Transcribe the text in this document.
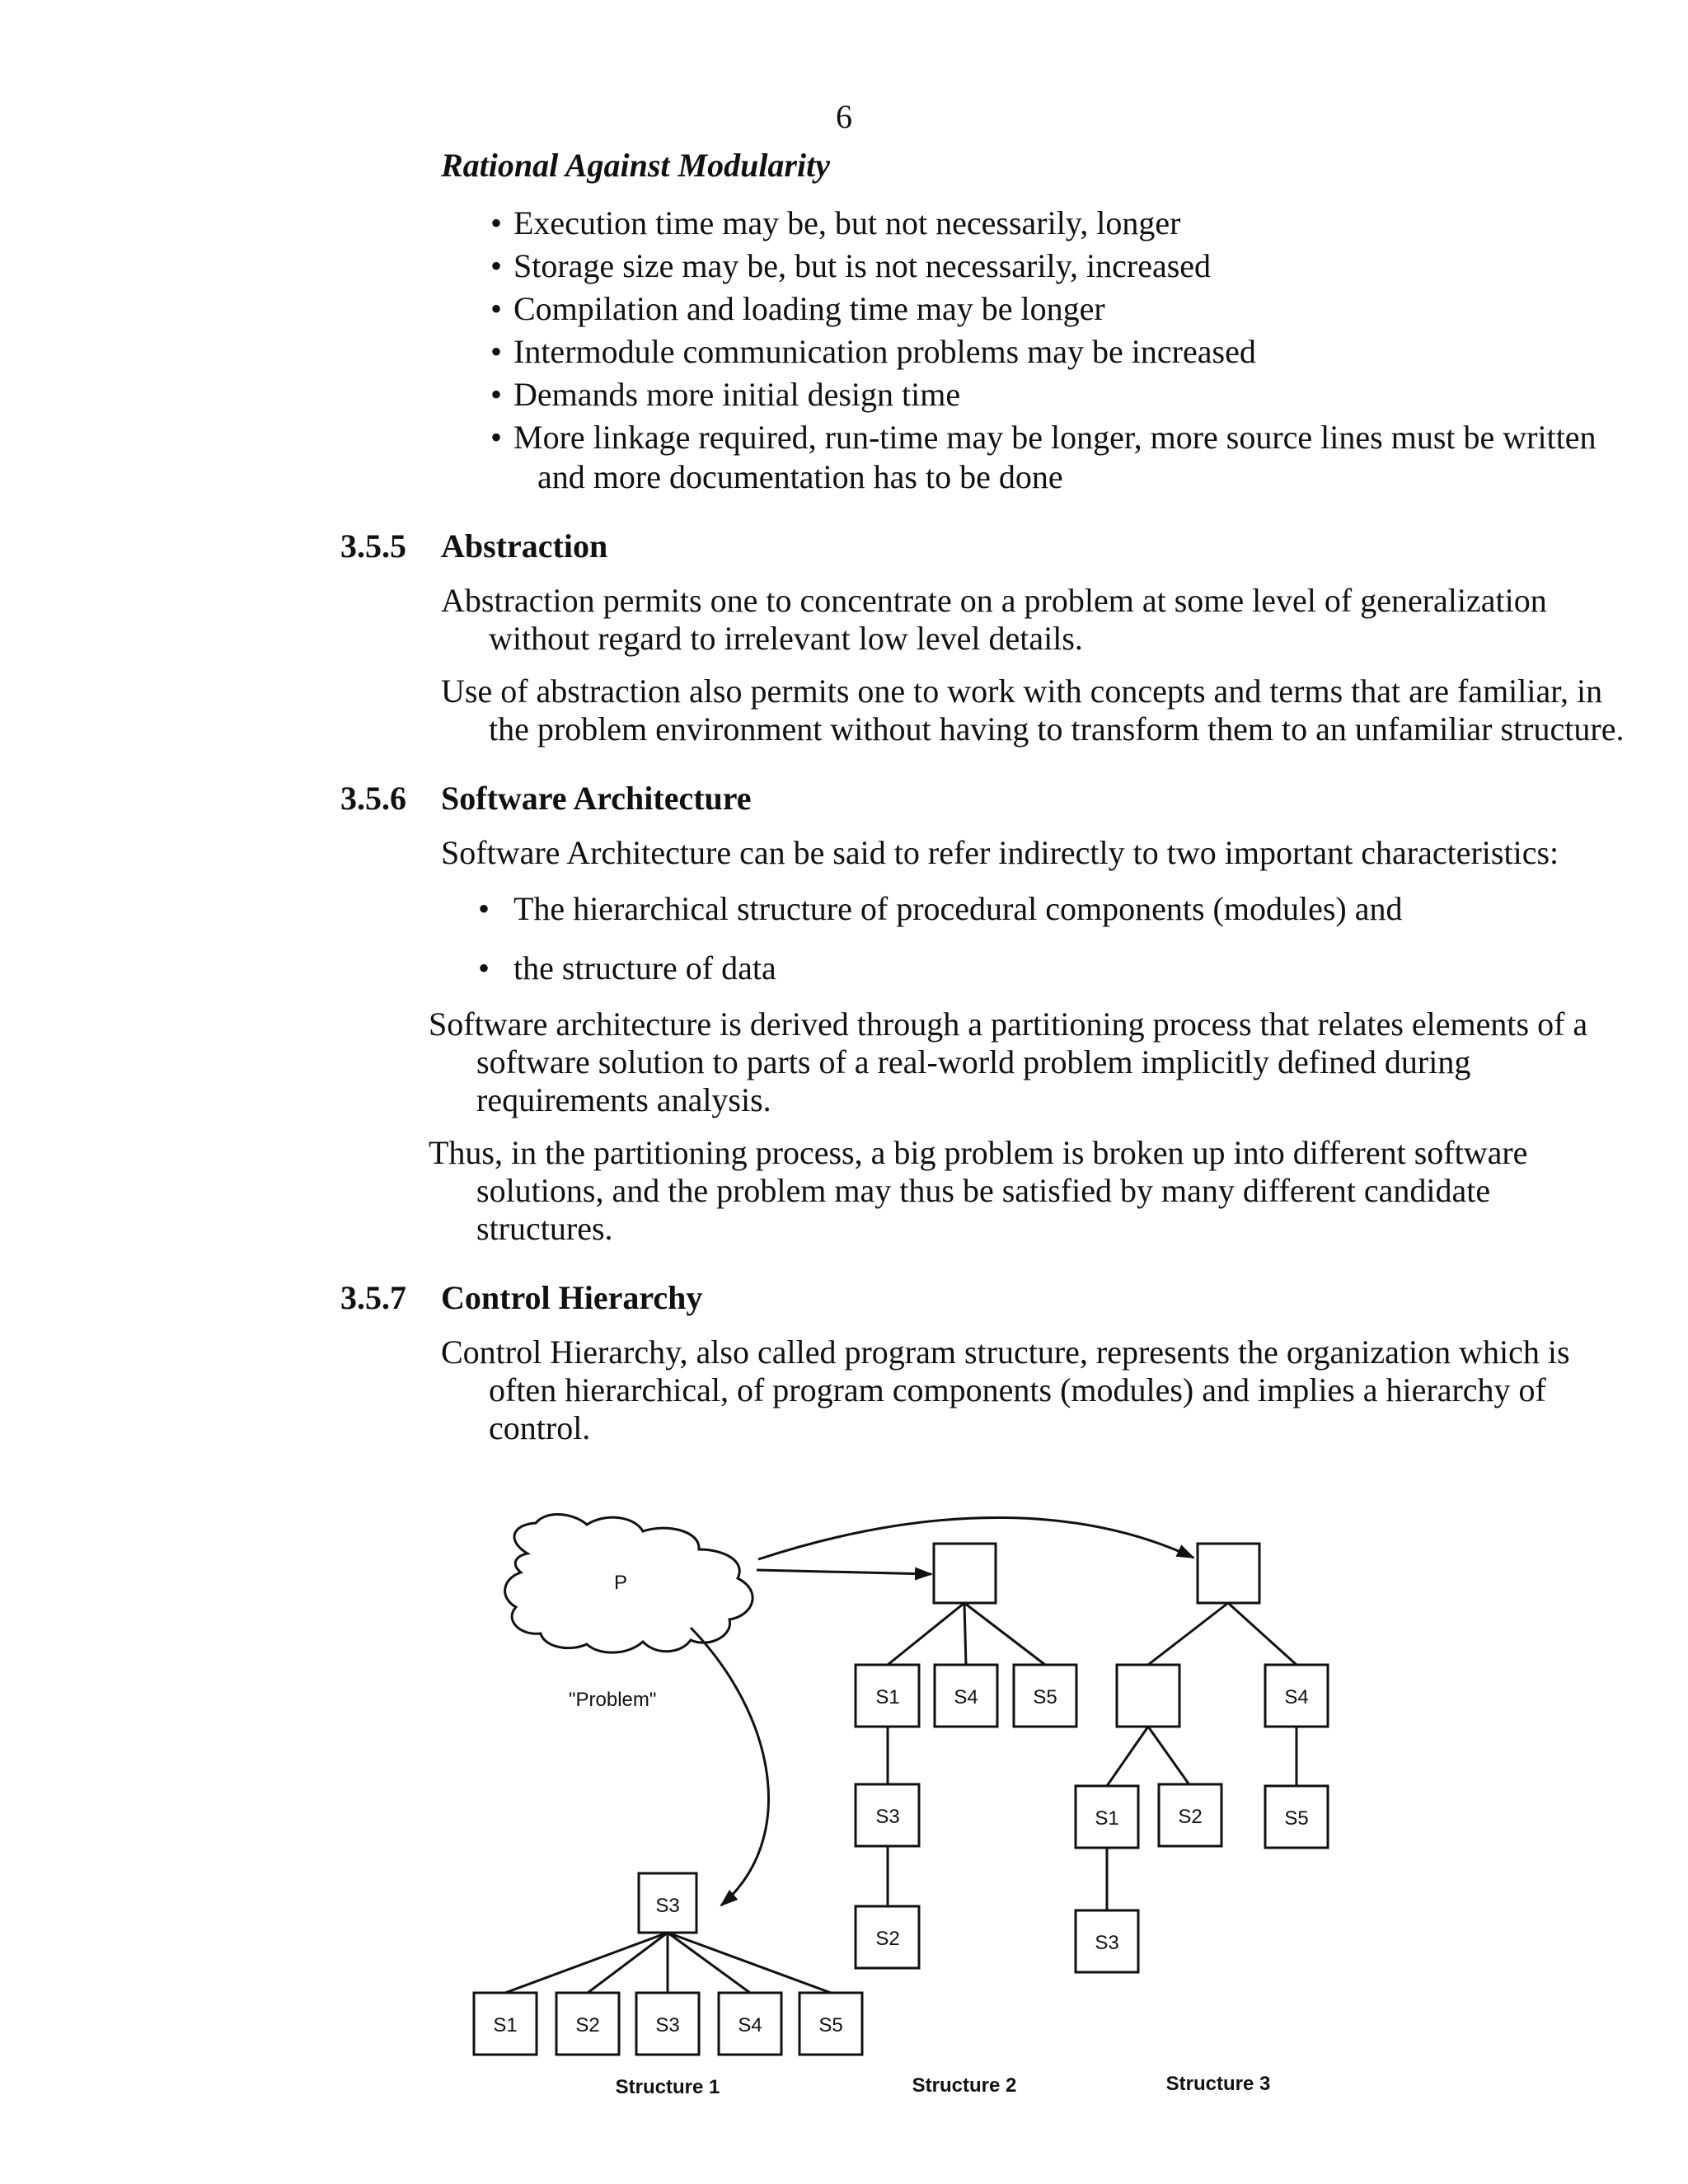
6
Rational Against Modularity
• Execution time may be, but not necessarily, longer
• Storage size may be, but is not necessarily, increased
• Compilation and loading time may be longer
• Intermodule communication problems may be increased
• Demands more initial design time
• More linkage required, run-time may be longer, more source lines must be written
and more documentation has to be done
3.5.5 Abstraction
Abstraction permits one to concentrate on a problem at some level of generalization
without regard to irrelevant low level details.
Use of abstraction also permits one to work with concepts and terms that are familiar, in
the problem environment without having to transform them to an unfamiliar structure.
3.5.6 Software Architecture
Software Architecture can be said to refer indirectly to two important characteristics:
• The hierarchical structure of procedural components (modules) and
• the structure of data
Software architecture is derived through a partitioning process that relates elements of a
software solution to parts of a real-world problem implicitly defined during
requirements analysis.
Thus, in the partitioning process, a big problem is broken up into different software
solutions, and the problem may thus be satisfied by many different candidate
structures.
3.5.7 Control Hierarchy
Control Hierarchy, also called program structure, represents the organization which is
often hierarchical, of program components (modules) and implies a hierarchy of
control.
P
"Problem"
S3
S1	S2	S3	S4	S5
Structure 1
S1	S4	S5
S3
S2
Structure 2
S4
S1	S2	S5
S3
Structure 3
